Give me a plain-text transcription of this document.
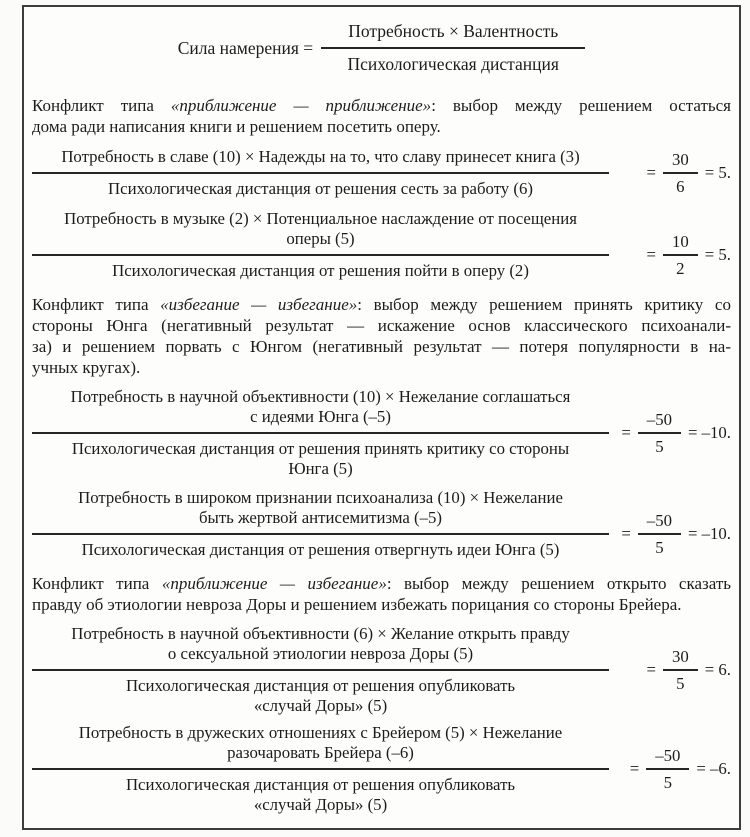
Сила намерения = $\frac{\text{Потребность × Валентность}}{\text{Психологическая дистанция}}$
Конфликт типа «приближение — приближение»: выбор между решением остаться
дома ради написания книги и решением посетить оперу.
Потребность в славе (10) × Надежды на то, что славу принесет книга (3)
Психологическая дистанция от решения сесть за работу (6)
= $\frac{30}{6} = 5$.
Потребность в музыке (2) × Потенциальное наслаждение от посещения
оперы (5)
Психологическая дистанция от решения пойти в оперу (2)
= $\frac{10}{2} = 5$.
Конфликт типа «избегание — избегание»: выбор между решением принять критику со
стороны Юнга (негативный результат — искажение основ классического психоанали-
за) и решением порвать с Юнгом (негативный результат — потеря популярности в на-
учных кругах).
Потребность в научной объективности (10) × Нежелание соглашаться
с идеями Юнга (–5)
Психологическая дистанция от решения принять критику со стороны
Юнга (5)
= $\frac{-50}{5} = -10$.
Потребность в широком признании психоанализа (10) × Нежелание
быть жертвой антисемитизма (–5)
Психологическая дистанция от решения отвергнуть идеи Юнга (5)
= $\frac{-50}{5} = -10$.
Конфликт типа «приближение — избегание»: выбор между решением открыто сказать
правду об этиологии невроза Доры и решением избежать порицания со стороны Брейера.
Потребность в научной объективности (6) × Желание открыть правду
о сексуальной этиологии невроза Доры (5)
Психологическая дистанция от решения опубликовать
«случай Доры» (5)
= $\frac{30}{5} = 6$.
Потребность в дружеских отношениях с Брейером (5) × Нежелание
разочаровать Брейера (–6)
Психологическая дистанция от решения опубликовать
«случай Доры» (5)
= $\frac{-50}{5} = -6$.
